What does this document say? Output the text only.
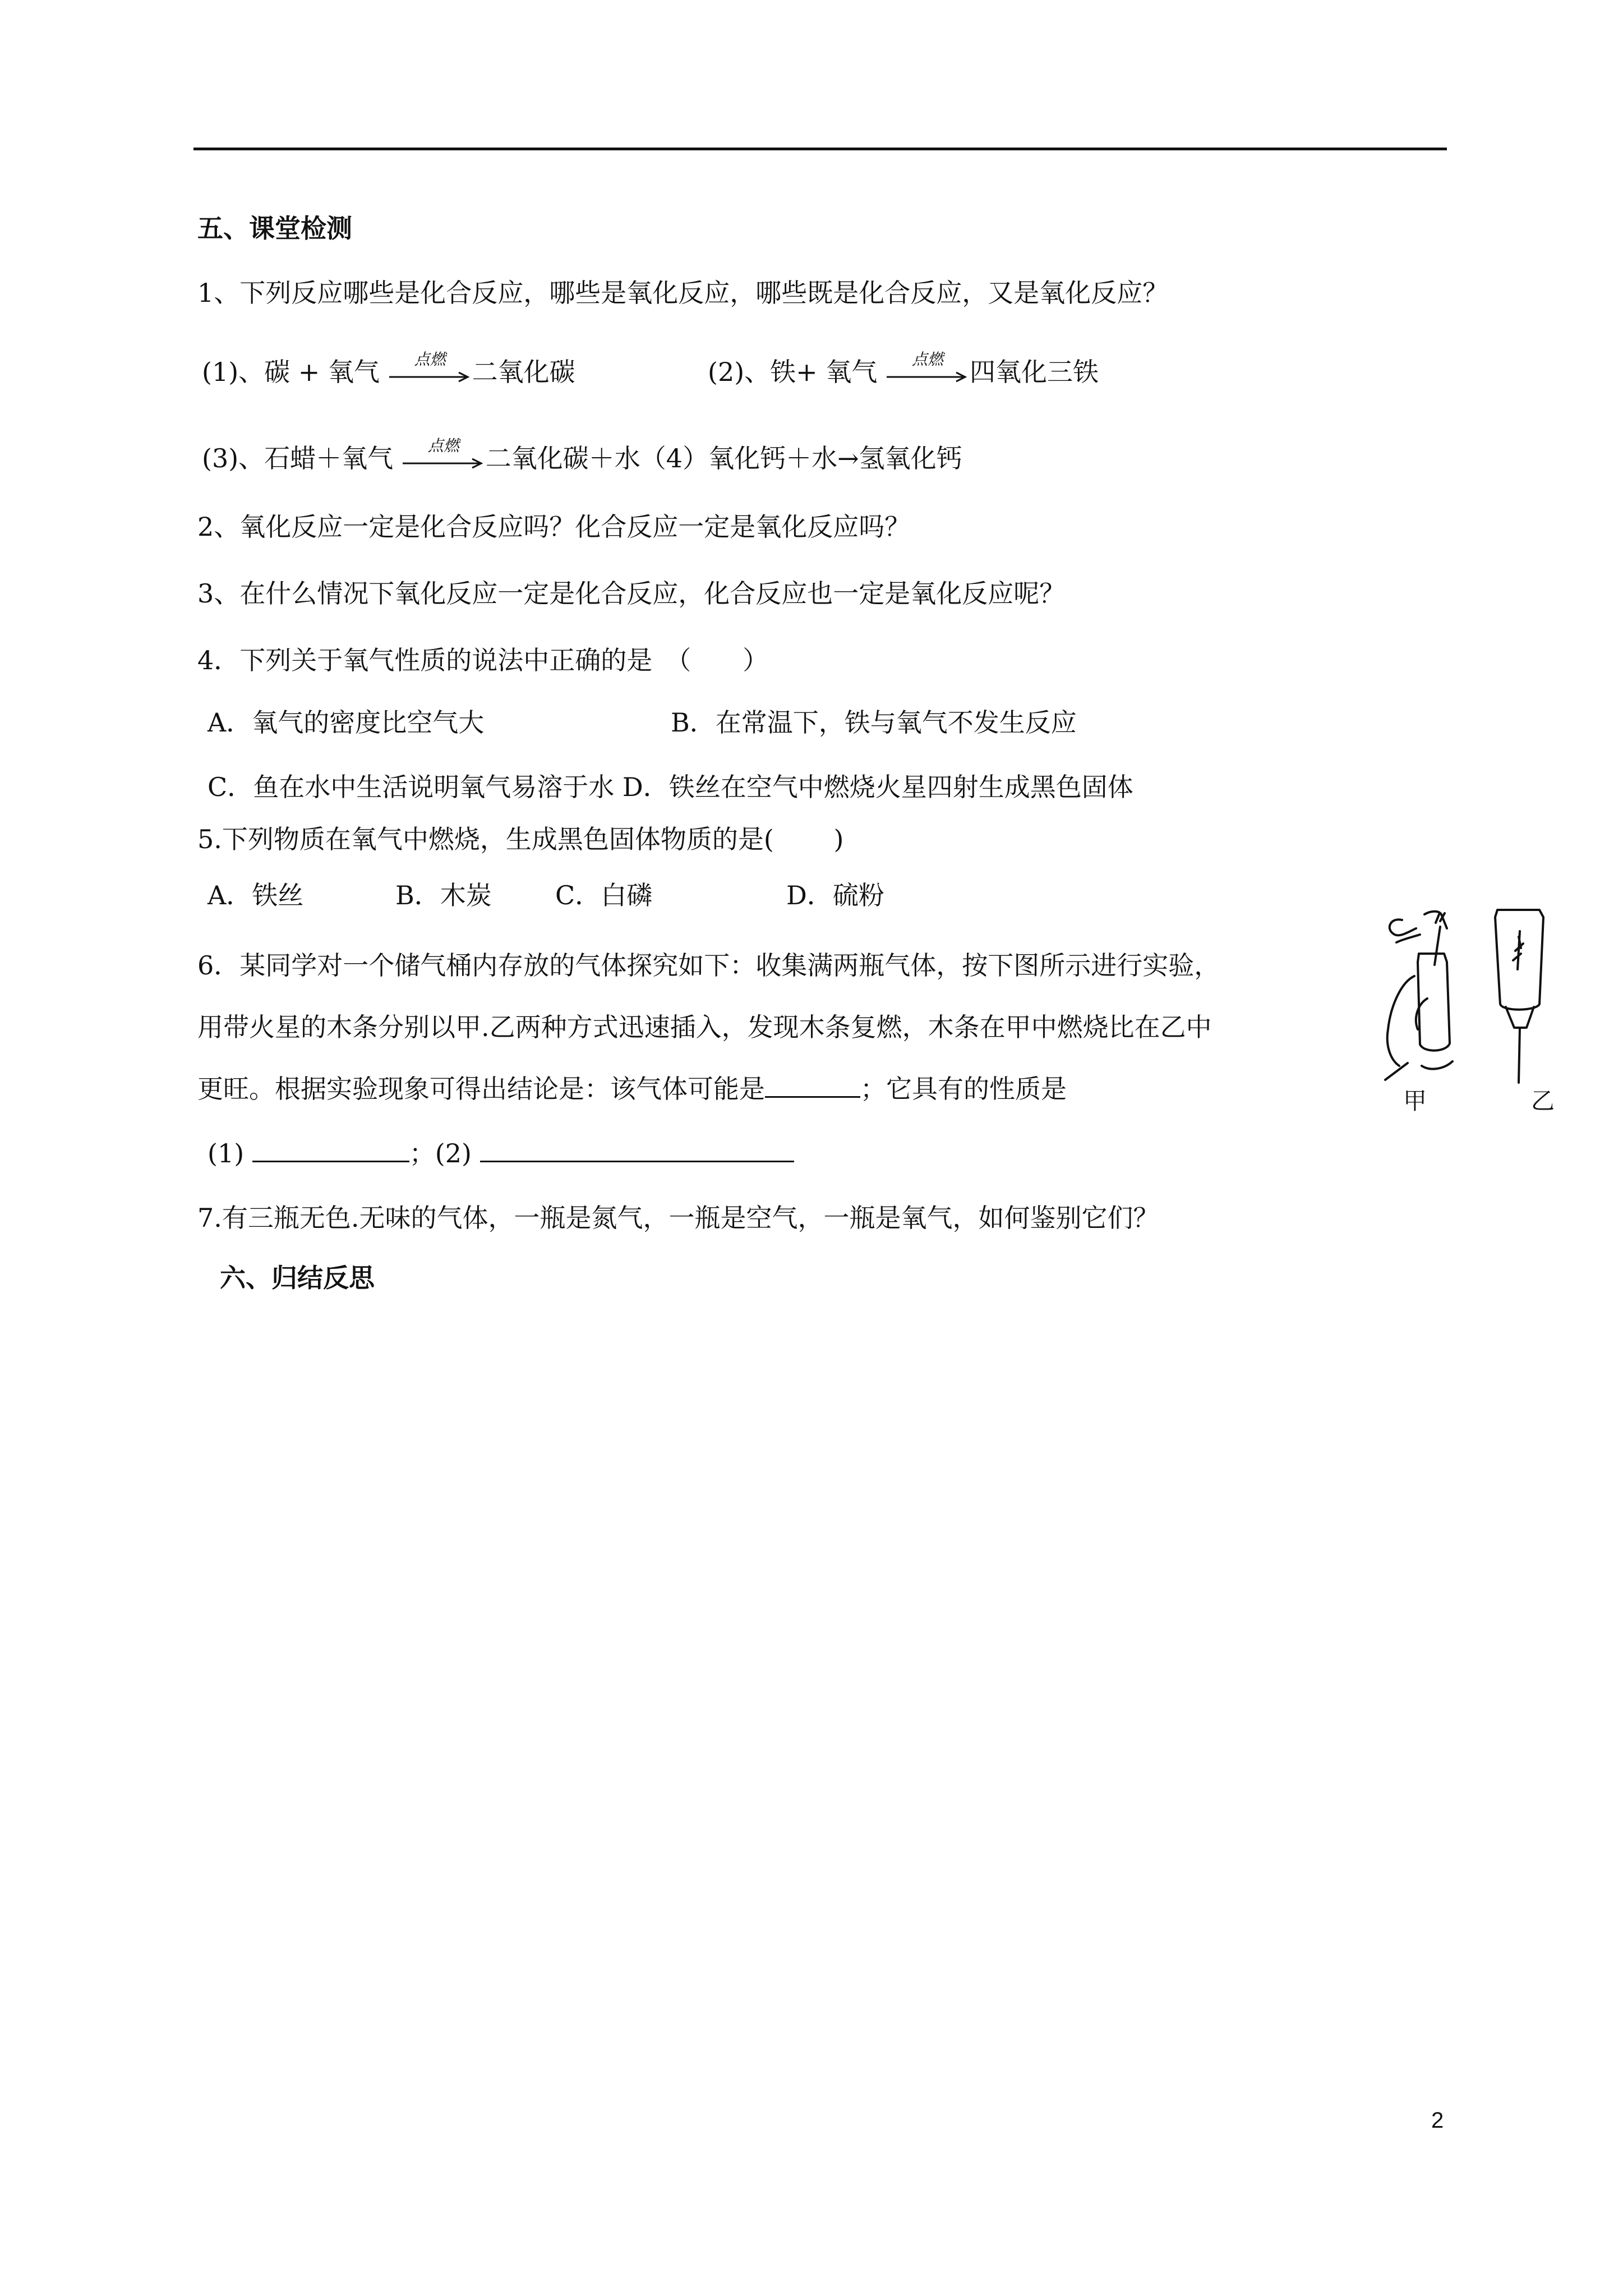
五、课堂检测
1、下列反应哪些是化合反应，哪些是氧化反应，哪些既是化合反应，又是氧化反应？
(1)、碳 + 氧气	点燃	二氧化碳	(2)、铁+ 氧气	点燃	四氧化三铁
(3)、石蜡＋氧气	点燃	二氧化碳＋水（4）氧化钙＋水→氢氧化钙
2、氧化反应一定是化合反应吗？化合反应一定是氧化反应吗？
3、在什么情况下氧化反应一定是化合反应，化合反应也一定是氧化反应呢？
4．下列关于氧气性质的说法中正确的是　（　　）
A．氧气的密度比空气大	B．在常温下，铁与氧气不发生反应
C．鱼在水中生活说明氧气易溶于水 D．铁丝在空气中燃烧火星四射生成黑色固体
5.下列物质在氧气中燃烧，生成黑色固体物质的是(　　 )
A．铁丝	B．木炭 C．白磷	D．硫粉
6．某同学对一个储气桶内存放的气体探究如下：收集满两瓶气体，按下图所示进行实验，
用带火星的木条分别以甲.乙两种方式迅速插入，发现木条复燃，木条在甲中燃烧比在乙中
更旺。根据实验现象可得出结论是：该气体可能是	；它具有的性质是
(1)	；(2)
甲	乙
7.有三瓶无色.无味的气体，一瓶是氮气，一瓶是空气，一瓶是氧气，如何鉴别它们？
六、归结反思
2
